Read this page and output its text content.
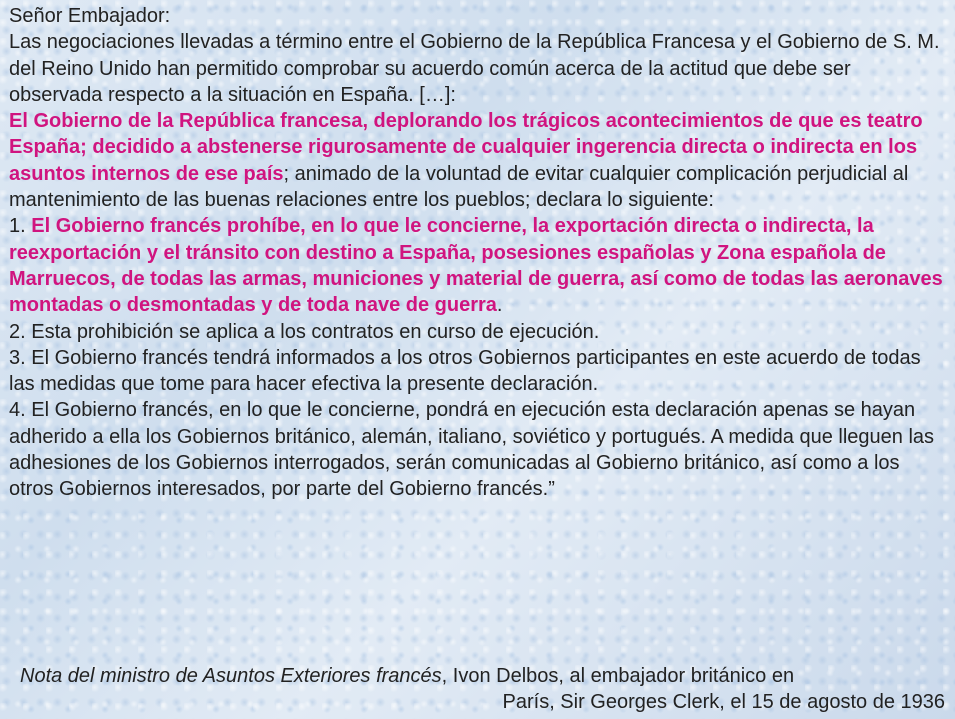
Señor Embajador:

Las negociaciones llevadas a término entre el Gobierno de la República Francesa y el Gobierno de S. M. del Reino Unido han permitido comprobar su acuerdo común acerca de la actitud que debe ser observada respecto a la situación en España. […]:

El Gobierno de la República francesa, deplorando los trágicos acontecimientos de que es teatro España; decidido a abstenerse rigurosamente de cualquier ingerencia directa o indirecta en los asuntos internos de ese país; animado de la voluntad de evitar cualquier complicación perjudicial al mantenimiento de las buenas relaciones entre los pueblos; declara lo siguiente:

1. El Gobierno francés prohíbe, en lo que le concierne, la exportación directa o indirecta, la reexportación y el tránsito con destino a España, posesiones españolas y Zona española de

Marruecos, de todas las armas, municiones y material de guerra, así como de todas las aeronaves montadas o desmontadas y de toda nave de guerra.

2. Esta prohibición se aplica a los contratos en curso de ejecución.

3. El Gobierno francés tendrá informados a los otros Gobiernos participantes en este acuerdo de todas las medidas que tome para hacer efectiva la presente declaración.

4. El Gobierno francés, en lo que le concierne, pondrá en ejecución esta declaración apenas se hayan adherido a ella los Gobiernos británico, alemán, italiano, soviético y portugués. A medida que lleguen las adhesiones de los Gobiernos interrogados, serán comunicadas al Gobierno británico, así como a los otros Gobiernos interesados, por parte del Gobierno francés.”

Nota del ministro de Asuntos Exteriores francés, Ivon Delbos, al embajador británico en
París, Sir Georges Clerk, el 15 de agosto de 1936
